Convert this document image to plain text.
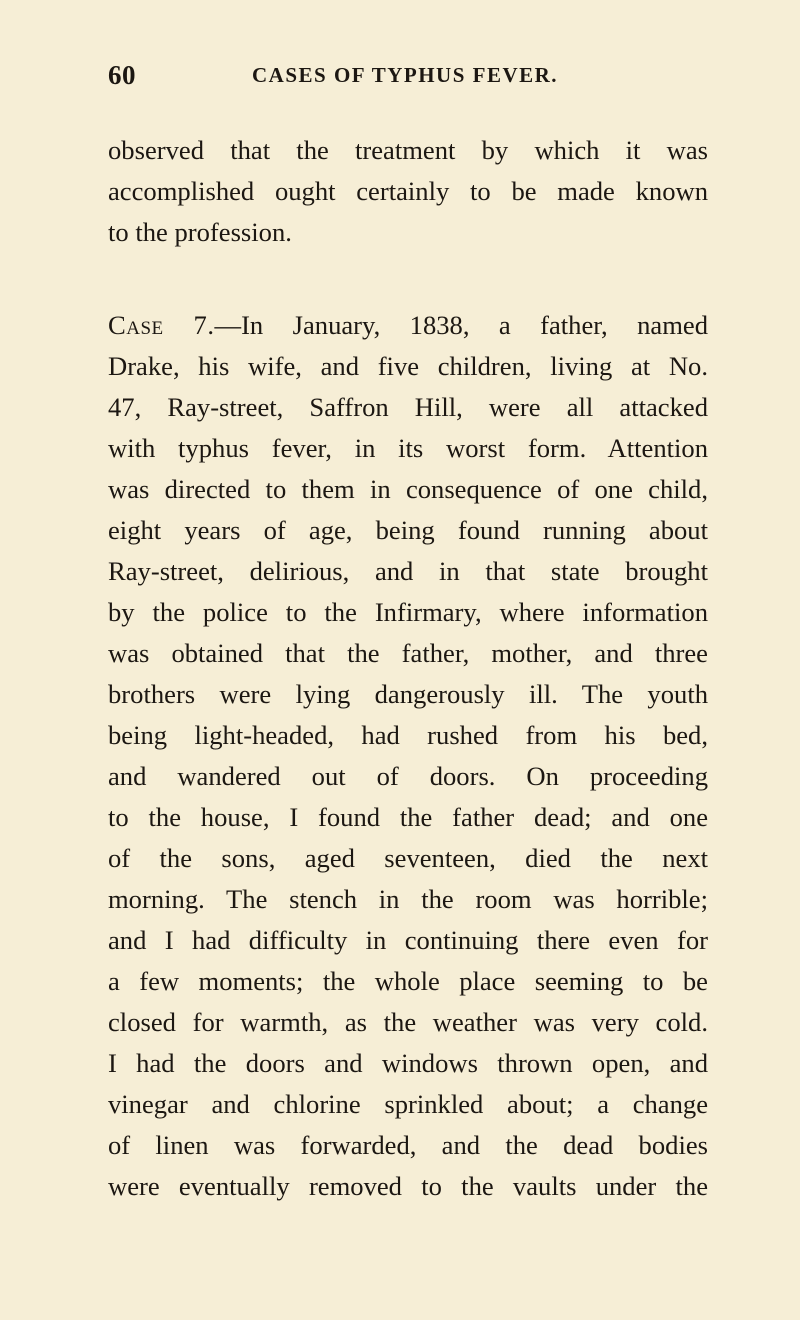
60	CASES OF TYPHUS FEVER.
observed that the treatment by which it was
accomplished ought certainly to be made known
to the profession.
Case 7.—In January, 1838, a father, named
Drake, his wife, and five children, living at No.
47, Ray-street, Saffron Hill, were all attacked
with typhus fever, in its worst form. Attention
was directed to them in consequence of one child,
eight years of age, being found running about
Ray-street, delirious, and in that state brought
by the police to the Infirmary, where information
was obtained that the father, mother, and three
brothers were lying dangerously ill. The youth
being light-headed, had rushed from his bed,
and wandered out of doors. On proceeding
to the house, I found the father dead; and one
of the sons, aged seventeen, died the next
morning. The stench in the room was horrible;
and I had difficulty in continuing there even for
a few moments; the whole place seeming to be
closed for warmth, as the weather was very cold.
I had the doors and windows thrown open, and
vinegar and chlorine sprinkled about; a change
of linen was forwarded, and the dead bodies
were eventually removed to the vaults under the
